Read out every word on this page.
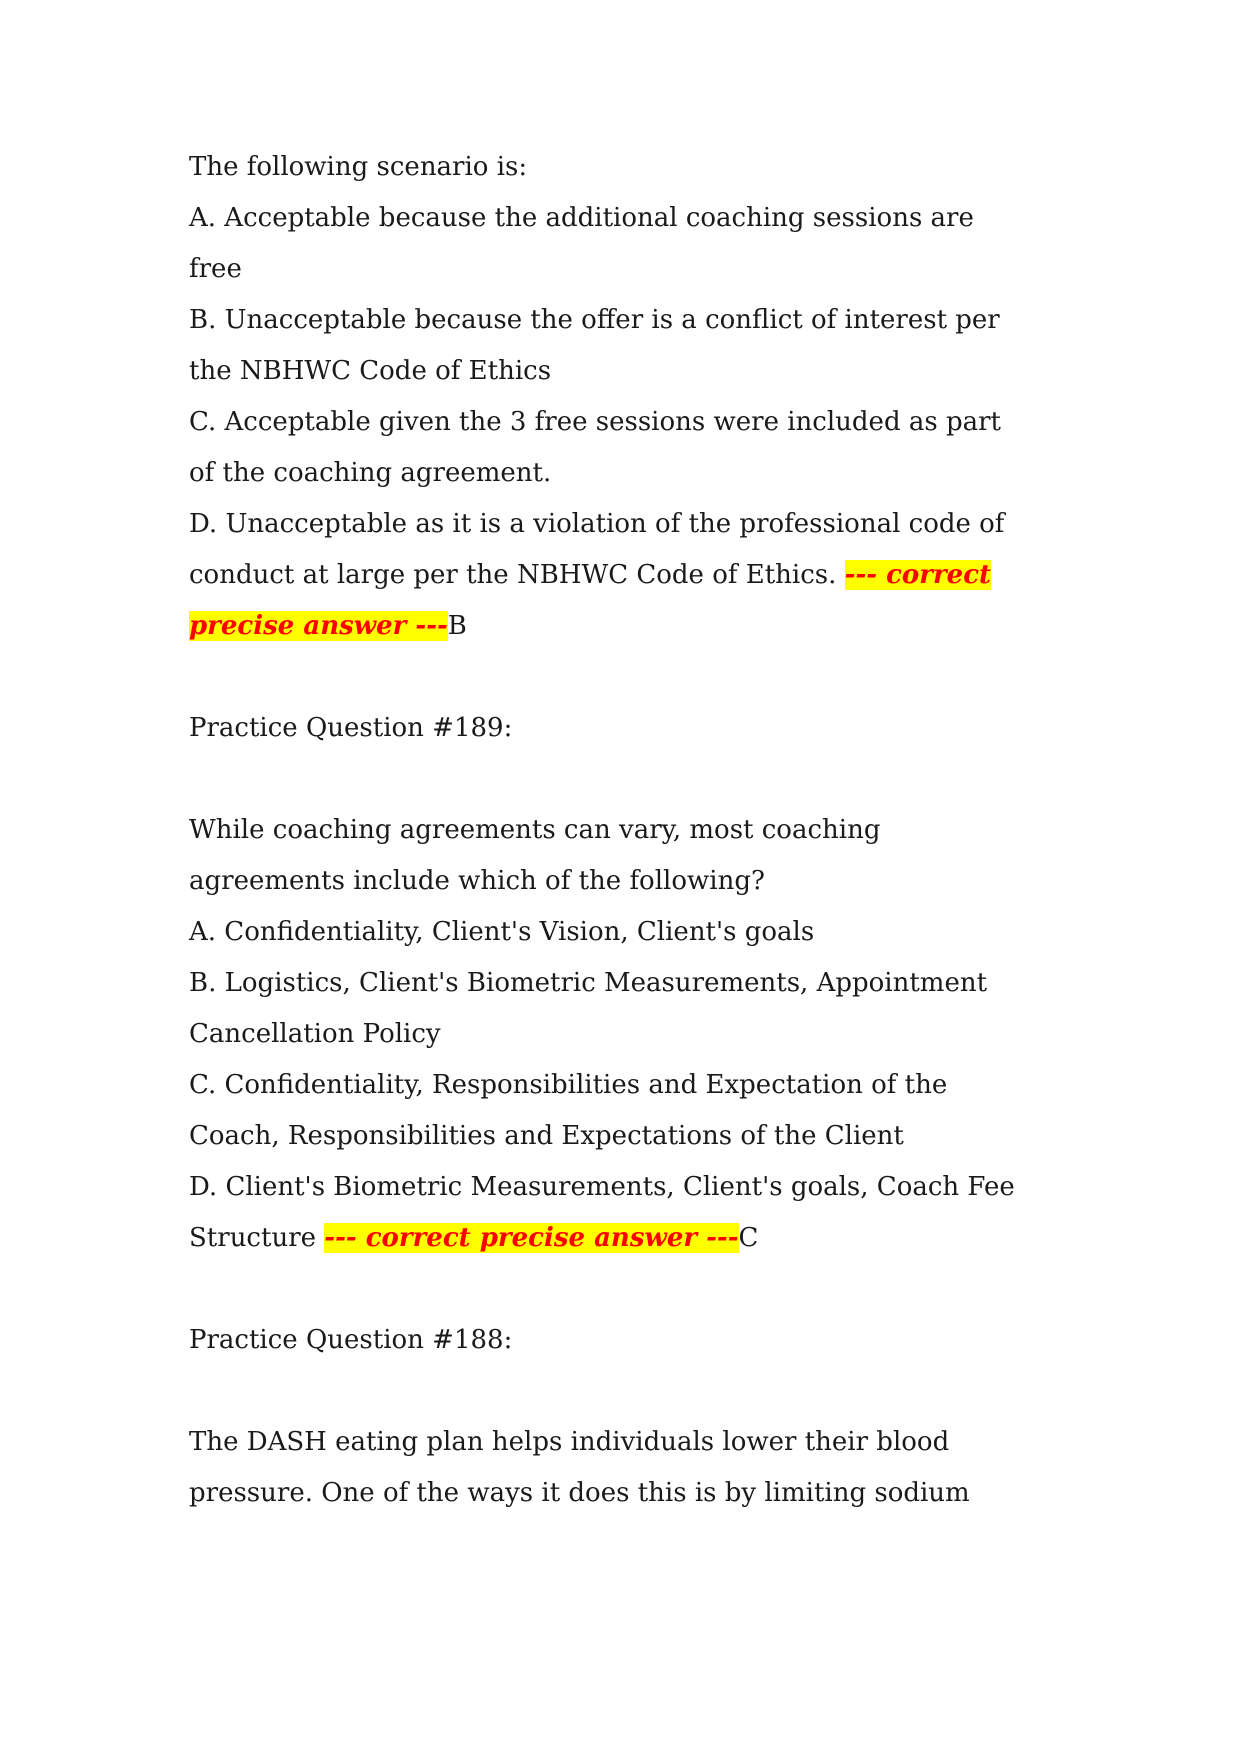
The following scenario is:
A. Acceptable because the additional coaching sessions are
free
B. Unacceptable because the offer is a conflict of interest per
the NBHWC Code of Ethics
C. Acceptable given the 3 free sessions were included as part
of the coaching agreement.
D. Unacceptable as it is a violation of the professional code of
conduct at large per the NBHWC Code of Ethics. --- correct
precise answer ---B
Practice Question #189:
While coaching agreements can vary, most coaching
agreements include which of the following?
A. Confidentiality, Client's Vision, Client's goals
B. Logistics, Client's Biometric Measurements, Appointment
Cancellation Policy
C. Confidentiality, Responsibilities and Expectation of the
Coach, Responsibilities and Expectations of the Client
D. Client's Biometric Measurements, Client's goals, Coach Fee
Structure --- correct precise answer ---C
Practice Question #188:
The DASH eating plan helps individuals lower their blood
pressure. One of the ways it does this is by limiting sodium
